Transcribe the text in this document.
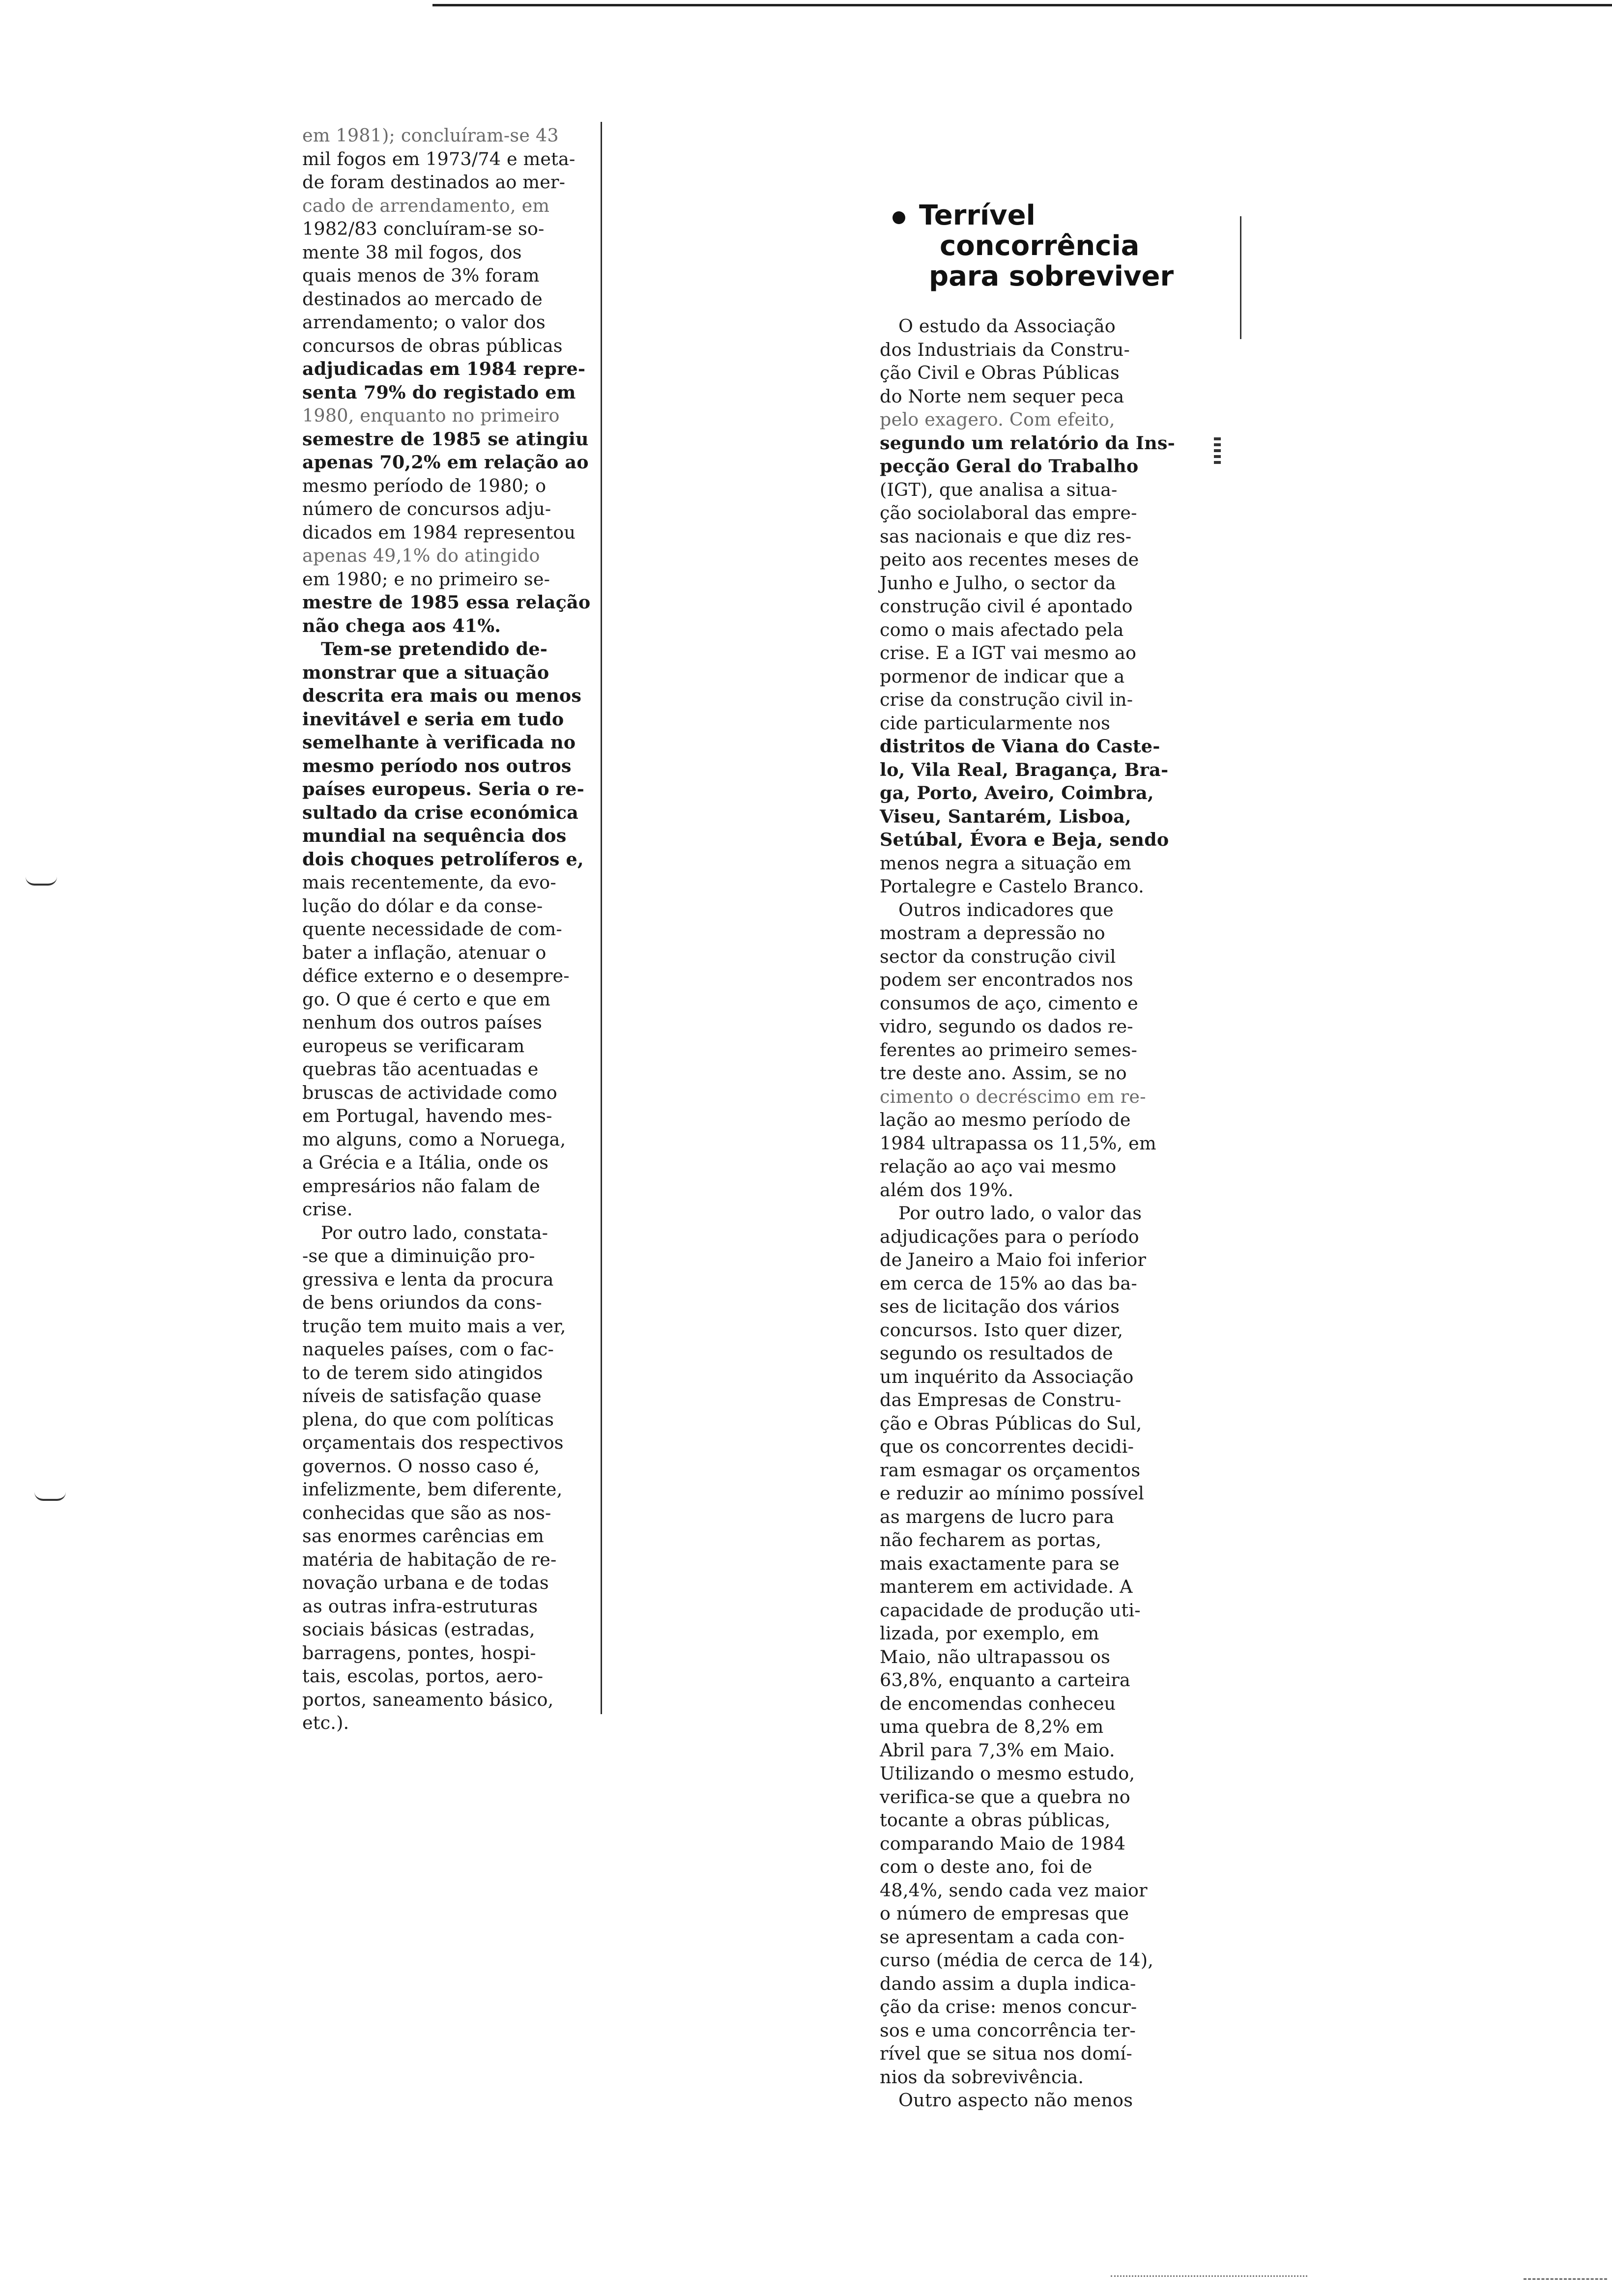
em 1981); concluíram-se 43
mil fogos em 1973/74 e meta-
de foram destinados ao mer-
cado de arrendamento, em
1982/83 concluíram-se so-
mente 38 mil fogos, dos
quais menos de 3% foram
destinados ao mercado de
arrendamento; o valor dos
concursos de obras públicas
adjudicadas em 1984 repre-
senta 79% do registado em
1980, enquanto no primeiro
semestre de 1985 se atingiu
apenas 70,2% em relação ao
mesmo período de 1980; o
número de concursos adju-
dicados em 1984 representou
apenas 49,1% do atingido
em 1980; e no primeiro se-
mestre de 1985 essa relação
não chega aos 41%.
Tem-se pretendido de-
monstrar que a situação
descrita era mais ou menos
inevitável e seria em tudo
semelhante à verificada no
mesmo período nos outros
países europeus. Seria o re-
sultado da crise económica
mundial na sequência dos
dois choques petrolíferos e,
mais recentemente, da evo-
lução do dólar e da conse-
quente necessidade de com-
bater a inflação, atenuar o
défice externo e o desempre-
go. O que é certo e que em
nenhum dos outros países
europeus se verificaram
quebras tão acentuadas e
bruscas de actividade como
em Portugal, havendo mes-
mo alguns, como a Noruega,
a Grécia e a Itália, onde os
empresários não falam de
crise.
Por outro lado, constata-
-se que a diminuição pro-
gressiva e lenta da procura
de bens oriundos da cons-
trução tem muito mais a ver,
naqueles países, com o fac-
to de terem sido atingidos
níveis de satisfação quase
plena, do que com políticas
orçamentais dos respectivos
governos. O nosso caso é,
infelizmente, bem diferente,
conhecidas que são as nos-
sas enormes carências em
matéria de habitação de re-
novação urbana e de todas
as outras infra-estruturas
sociais básicas (estradas,
barragens, pontes, hospi-
tais, escolas, portos, aero-
portos, saneamento básico,
etc.).
Terrível
concorrência
para sobreviver
O estudo da Associação
dos Industriais da Constru-
ção Civil e Obras Públicas
do Norte nem sequer peca
pelo exagero. Com efeito,
segundo um relatório da Ins-
pecção Geral do Trabalho
(IGT), que analisa a situa-
ção sociolaboral das empre-
sas nacionais e que diz res-
peito aos recentes meses de
Junho e Julho, o sector da
construção civil é apontado
como o mais afectado pela
crise. E a IGT vai mesmo ao
pormenor de indicar que a
crise da construção civil in-
cide particularmente nos
distritos de Viana do Caste-
lo, Vila Real, Bragança, Bra-
ga, Porto, Aveiro, Coimbra,
Viseu, Santarém, Lisboa,
Setúbal, Évora e Beja, sendo
menos negra a situação em
Portalegre e Castelo Branco.
Outros indicadores que
mostram a depressão no
sector da construção civil
podem ser encontrados nos
consumos de aço, cimento e
vidro, segundo os dados re-
ferentes ao primeiro semes-
tre deste ano. Assim, se no
cimento o decréscimo em re-
lação ao mesmo período de
1984 ultrapassa os 11,5%, em
relação ao aço vai mesmo
além dos 19%.
Por outro lado, o valor das
adjudicações para o período
de Janeiro a Maio foi inferior
em cerca de 15% ao das ba-
ses de licitação dos vários
concursos. Isto quer dizer,
segundo os resultados de
um inquérito da Associação
das Empresas de Constru-
ção e Obras Públicas do Sul,
que os concorrentes decidi-
ram esmagar os orçamentos
e reduzir ao mínimo possível
as margens de lucro para
não fecharem as portas,
mais exactamente para se
manterem em actividade. A
capacidade de produção uti-
lizada, por exemplo, em
Maio, não ultrapassou os
63,8%, enquanto a carteira
de encomendas conheceu
uma quebra de 8,2% em
Abril para 7,3% em Maio.
Utilizando o mesmo estudo,
verifica-se que a quebra no
tocante a obras públicas,
comparando Maio de 1984
com o deste ano, foi de
48,4%, sendo cada vez maior
o número de empresas que
se apresentam a cada con-
curso (média de cerca de 14),
dando assim a dupla indica-
ção da crise: menos concur-
sos e uma concorrência ter-
rível que se situa nos domí-
nios da sobrevivência.
Outro aspecto não menos
